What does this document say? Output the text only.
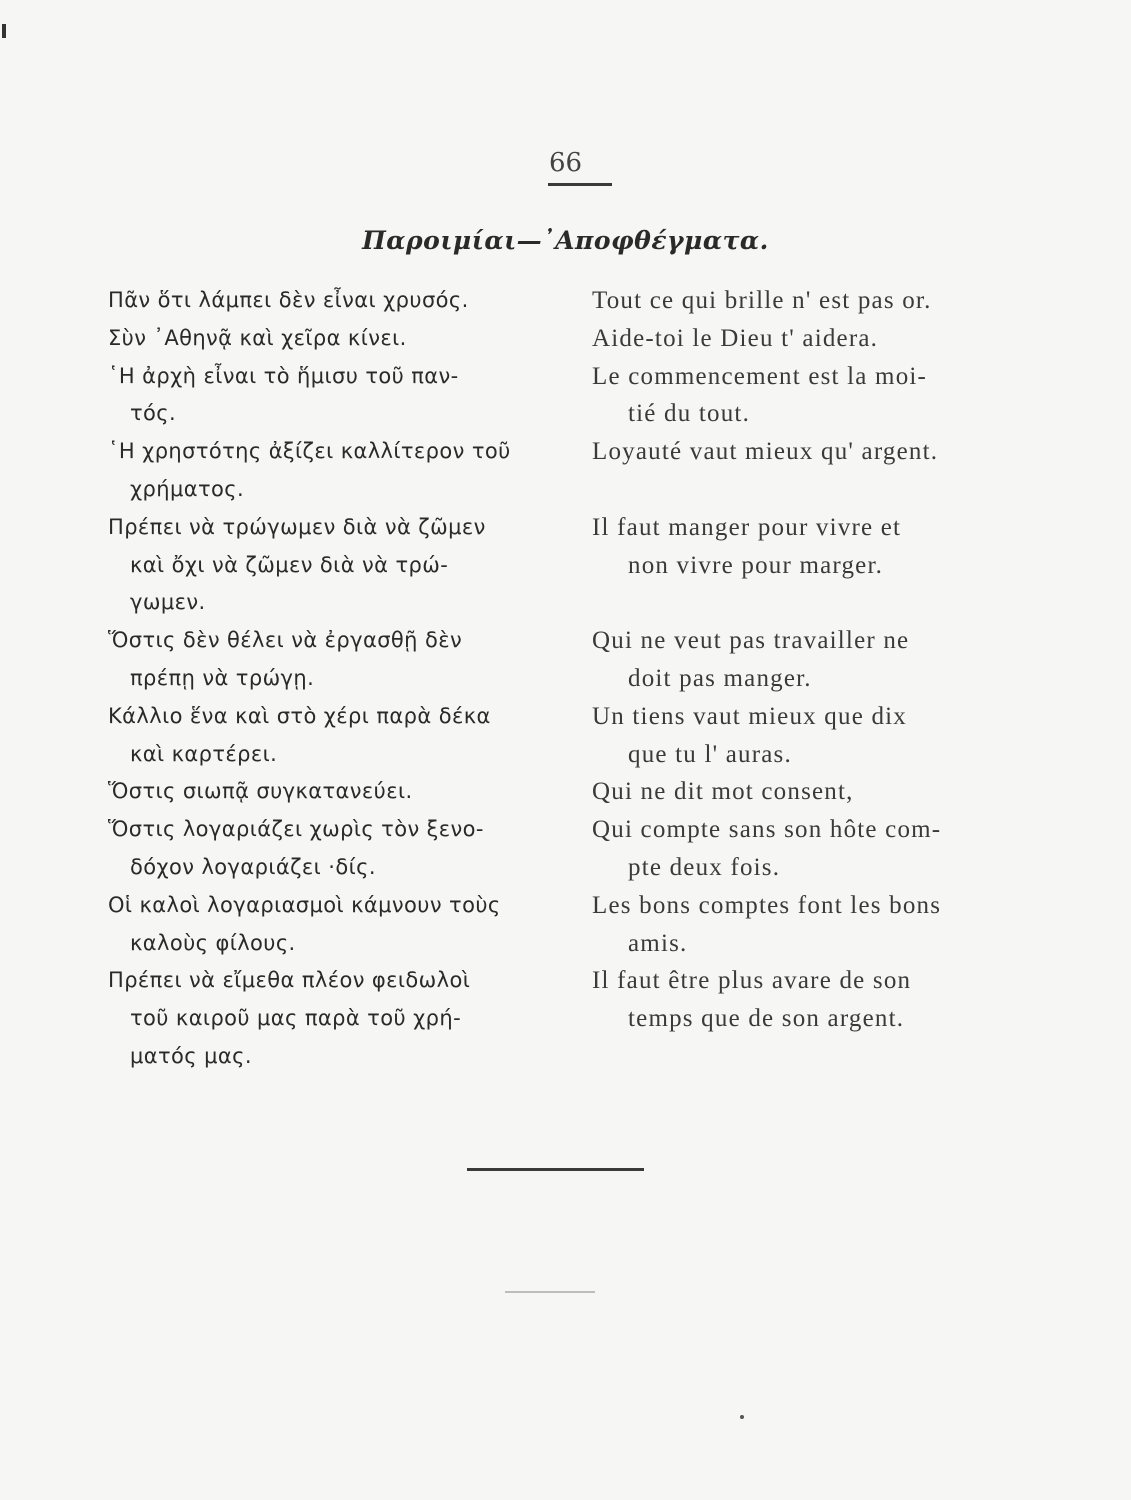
66
Παροιμίαι—᾿Αποφθέγματα.
Πᾶν ὅτι λάμπει δὲν εἶναι χρυσός.
Σὺν ᾿Αθηνᾷ καὶ χεῖρα κίνει.
῾Η ἀρχὴ εἶναι τὸ ἥμισυ τοῦ παν-
τός.
῾Η χρηστότης ἀξίζει καλλίτερον τοῦ
χρήματος.
Πρέπει νὰ τρώγωμεν διὰ νὰ ζῶμεν
καὶ ὄχι νὰ ζῶμεν διὰ νὰ τρώ-
γωμεν.
Ὅστις δὲν θέλει νὰ ἐργασθῇ δὲν
πρέπῃ νὰ τρώγῃ.
Κάλλιο ἕνα καὶ στὸ χέρι παρὰ δέκα
καὶ καρτέρει.
Ὅστις σιωπᾷ συγκατανεύει.
Ὅστις λογαριάζει χωρὶς τὸν ξενο-
δόχον λογαριάζει ·δίς.
Οἱ καλοὶ λογαριασμοὶ κάμνουν τοὺς
καλοὺς φίλους.
Πρέπει νὰ εἴμεθα πλέον φειδωλοὶ
τοῦ καιροῦ μας παρὰ τοῦ χρή-
ματός μας.
Tout ce qui brille n' est pas or.
Aide-toi le Dieu t' aidera.
Le commencement est la moi-
tié du tout.
Loyauté vaut mieux qu' argent.
Il faut manger pour vivre et
non vivre pour marger.
Qui ne veut pas travailler ne
doit pas manger.
Un tiens vaut mieux que dix
que tu l' auras.
Qui ne dit mot consent,
Qui compte sans son hôte com-
pte deux fois.
Les bons comptes font les bons
amis.
Il faut être plus avare de son
temps que de son argent.
